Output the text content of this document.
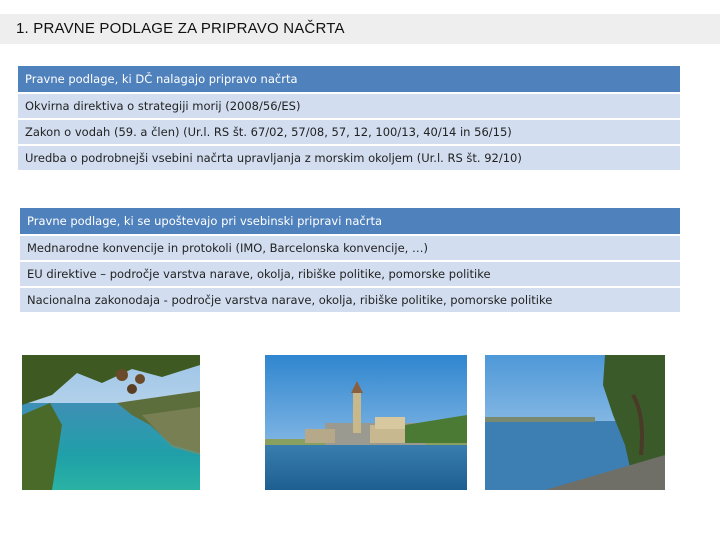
1. PRAVNE PODLAGE ZA PRIPRAVO NAČRTA
Pravne podlage, ki DČ nalagajo pripravo načrta
Okvirna direktiva o strategiji morij (2008/56/ES)
Zakon o vodah (59. a člen) (Ur.l. RS št. 67/02, 57/08, 57, 12, 100/13, 40/14 in 56/15)
Uredba o podrobnejši vsebini načrta upravljanja z morskim okoljem (Ur.l. RS št. 92/10)
Pravne podlage, ki se upoštevajo pri vsebinski pripravi načrta
Mednarodne konvencije in protokoli (IMO, Barcelonska konvencije, …)
EU direktive – področje varstva narave, okolja, ribiške politike, pomorske politike
Nacionalna zakonodaja - področje varstva narave, okolja, ribiške politike, pomorske politike
